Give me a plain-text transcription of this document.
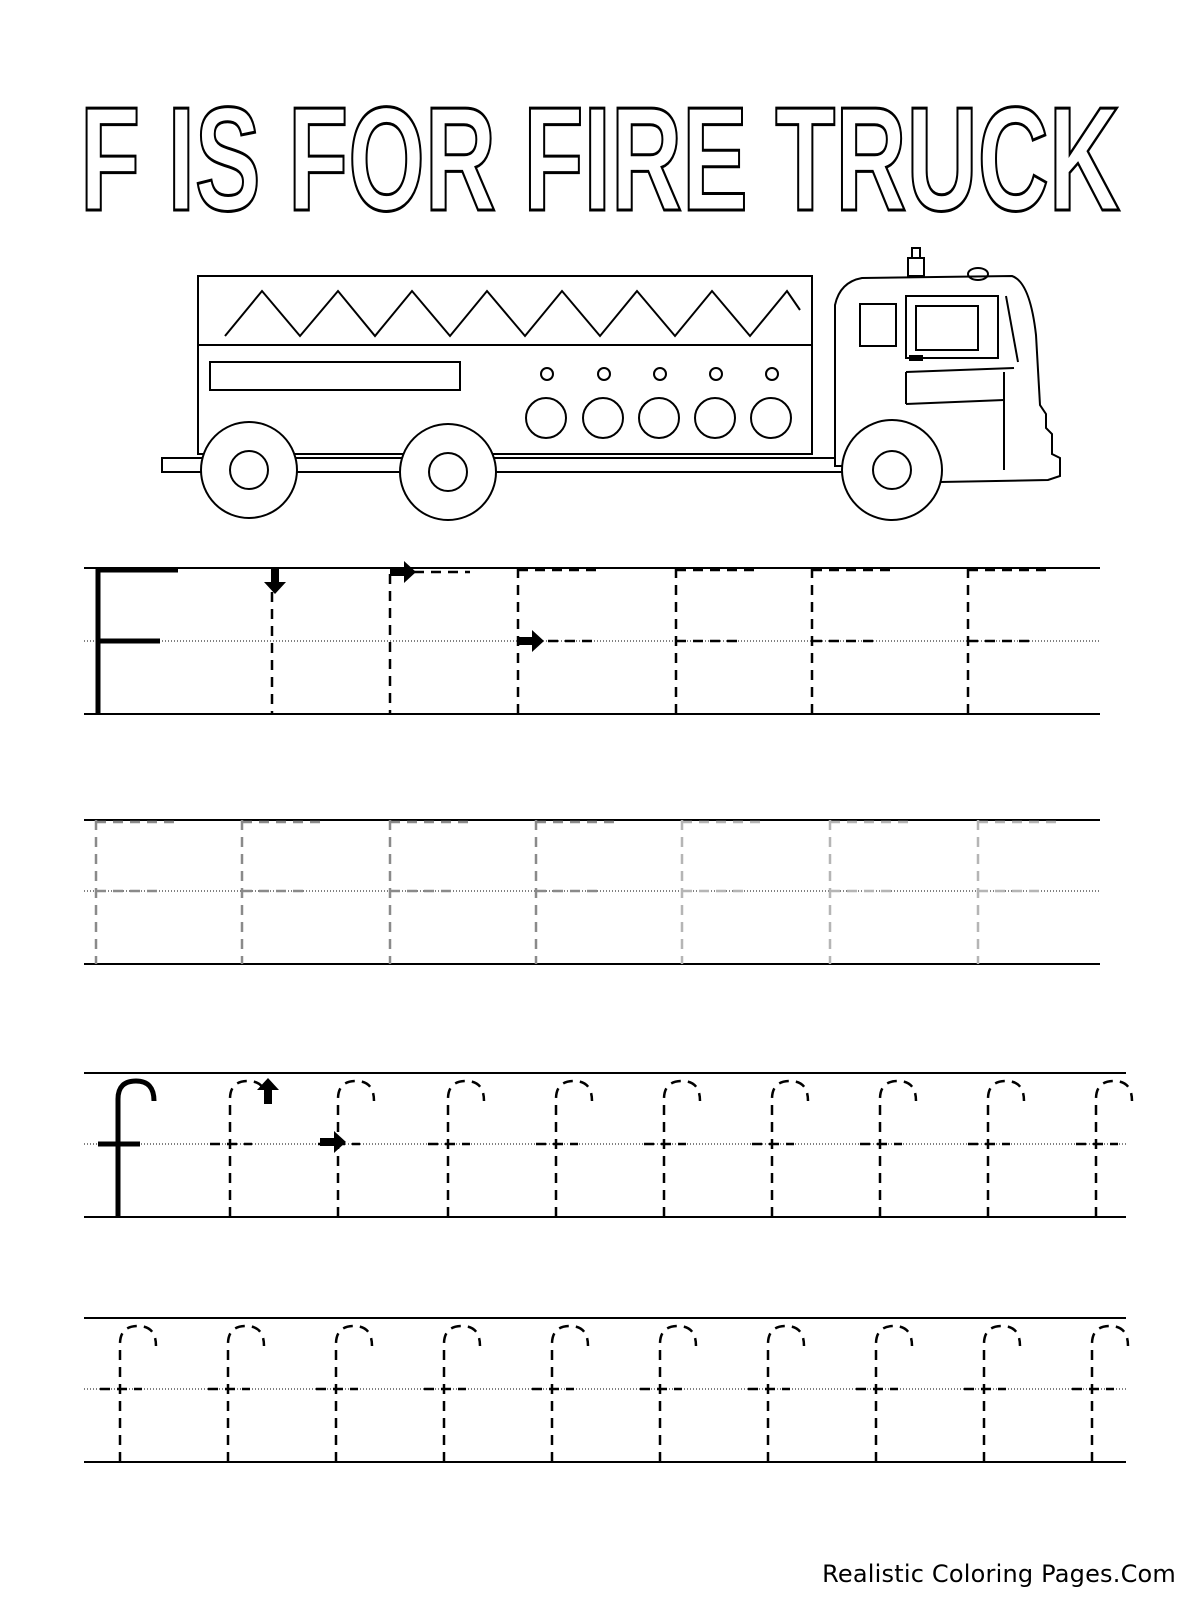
F IS FOR FIRE TRUCK
Realistic Coloring Pages.Com
